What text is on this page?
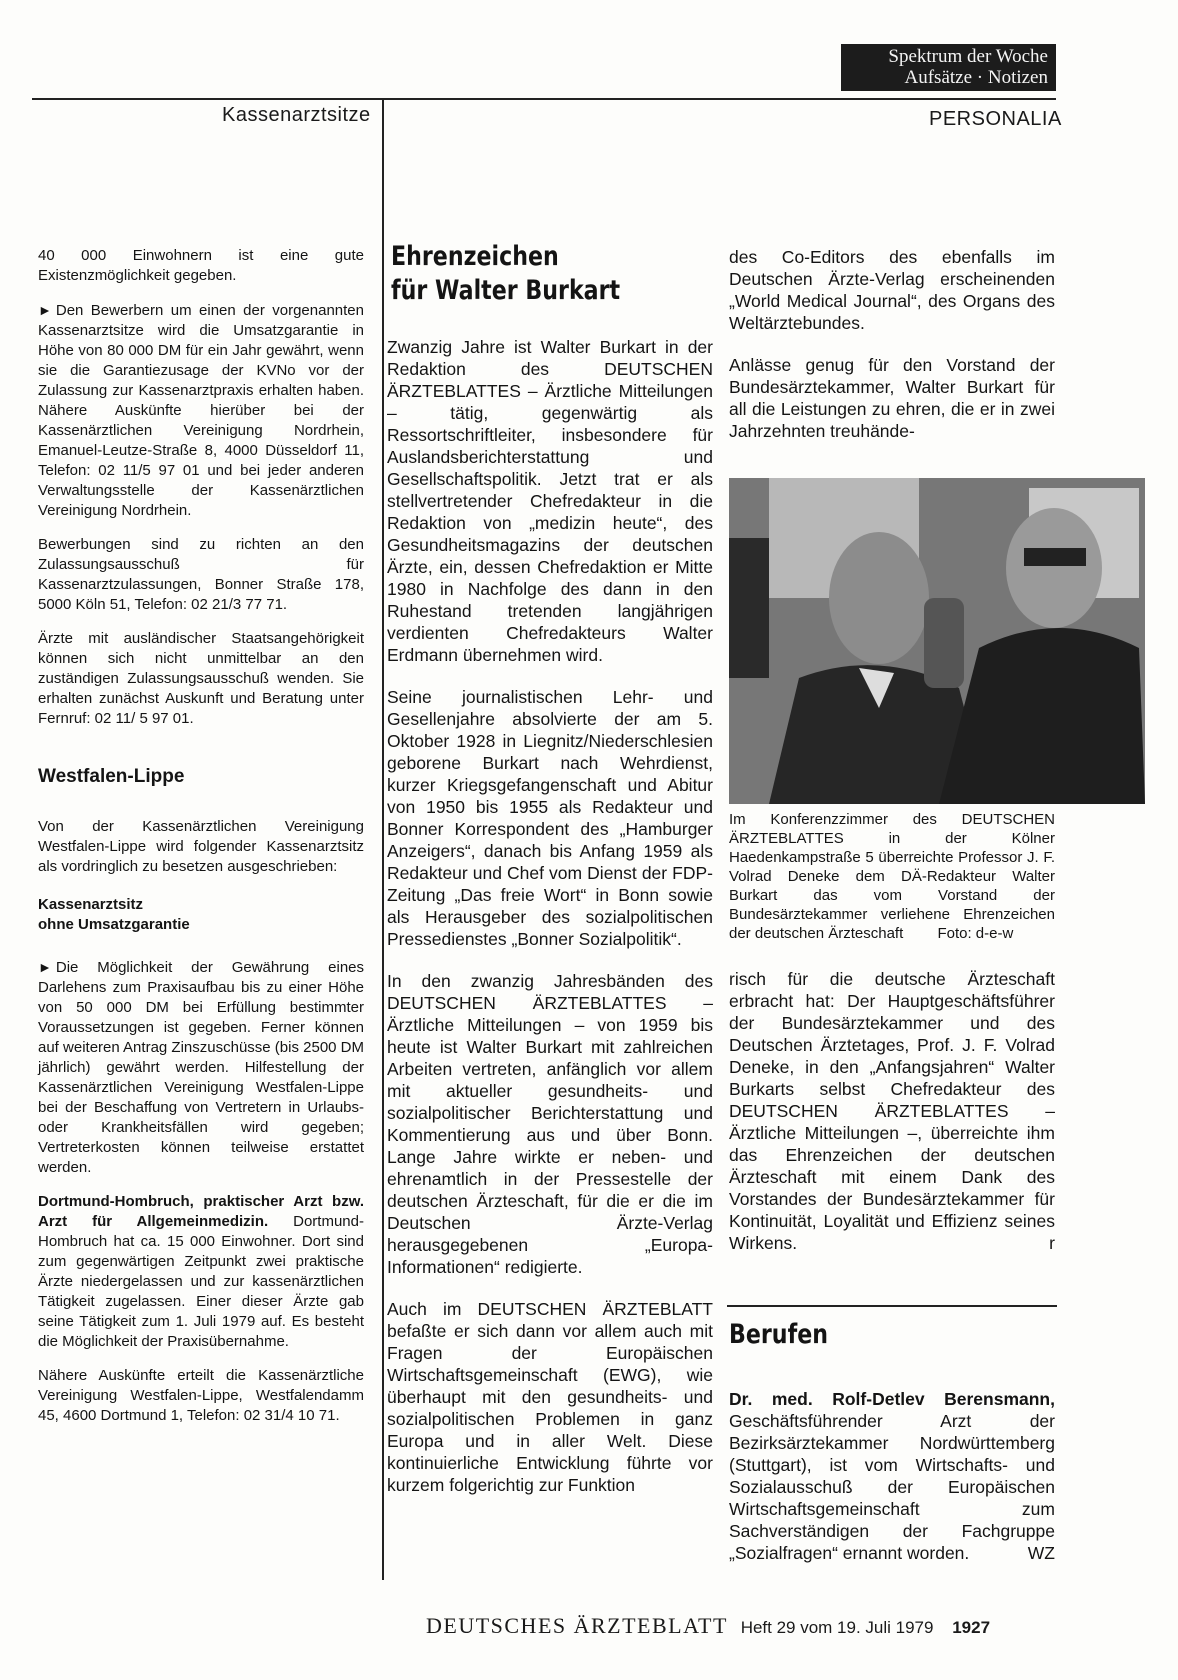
Spektrum der Woche
Aufsätze · Notizen
Kassenarztsitze	PERSONALIA

40 000 Einwohnern ist eine gute Existenzmöglichkeit gegeben.

► Den Bewerbern um einen der vorgenannten Kassenarztsitze wird die Umsatzgarantie in Höhe von 80 000 DM für ein Jahr gewährt, wenn sie die Garantiezusage der KVNo vor der Zulassung zur Kassenarztpraxis erhalten haben. Nähere Auskünfte hierüber bei der Kassenärztlichen Vereinigung Nordrhein, Emanuel-Leutze-Straße 8, 4000 Düsseldorf 11, Telefon: 02 11/5 97 01 und bei jeder anderen Verwaltungsstelle der Kassenärztlichen Vereinigung Nordrhein.

Bewerbungen sind zu richten an den Zulassungsausschuß für Kassenarztzulassungen, Bonner Straße 178, 5000 Köln 51, Telefon: 02 21/3 77 71.

Ärzte mit ausländischer Staatsangehörigkeit können sich nicht unmittelbar an den zuständigen Zulassungsausschuß wenden. Sie erhalten zunächst Auskunft und Beratung unter Fernruf: 02 11/ 5 97 01.

Westfalen-Lippe

Von der Kassenärztlichen Vereinigung Westfalen-Lippe wird folgender Kassenarztsitz als vordringlich zu besetzen ausgeschrieben:

Kassenarztsitz
ohne Umsatzgarantie

► Die Möglichkeit der Gewährung eines Darlehens zum Praxisaufbau bis zu einer Höhe von 50 000 DM bei Erfüllung bestimmter Voraussetzungen ist gegeben. Ferner können auf weiteren Antrag Zinszuschüsse (bis 2500 DM jährlich) gewährt werden. Hilfestellung der Kassenärztlichen Vereinigung Westfalen-Lippe bei der Beschaffung von Vertretern in Urlaubs- oder Krankheitsfällen wird gegeben; Vertreterkosten können teilweise erstattet werden.

Dortmund-Hombruch, praktischer Arzt bzw. Arzt für Allgemeinmedizin. Dortmund-Hombruch hat ca. 15 000 Einwohner. Dort sind zum gegenwärtigen Zeitpunkt zwei praktische Ärzte niedergelassen und zur kassenärztlichen Tätigkeit zugelassen. Einer dieser Ärzte gab seine Tätigkeit zum 1. Juli 1979 auf. Es besteht die Möglichkeit der Praxisübernahme.

Nähere Auskünfte erteilt die Kassenärztliche Vereinigung Westfalen-Lippe, Westfalendamm 45, 4600 Dortmund 1, Telefon: 02 31/4 10 71.

Ehrenzeichen
für Walter Burkart

Zwanzig Jahre ist Walter Burkart in der Redaktion des DEUTSCHEN ÄRZTEBLATTES – Ärztliche Mitteilungen – tätig, gegenwärtig als Ressortschriftleiter, insbesondere für Auslandsberichterstattung und Gesellschaftspolitik. Jetzt trat er als stellvertretender Chefredakteur in die Redaktion von „medizin heute“, des Gesundheitsmagazins der deutschen Ärzte, ein, dessen Chefredaktion er Mitte 1980 in Nachfolge des dann in den Ruhestand tretenden langjährigen verdienten Chefredakteurs Walter Erdmann übernehmen wird.

Seine journalistischen Lehr- und Gesellenjahre absolvierte der am 5. Oktober 1928 in Liegnitz/Niederschlesien geborene Burkart nach Wehrdienst, kurzer Kriegsgefangenschaft und Abitur von 1950 bis 1955 als Redakteur und Bonner Korrespondent des „Hamburger Anzeigers“, danach bis Anfang 1959 als Redakteur und Chef vom Dienst der FDP-Zeitung „Das freie Wort“ in Bonn sowie als Herausgeber des sozialpolitischen Pressedienstes „Bonner Sozialpolitik“.

In den zwanzig Jahresbänden des DEUTSCHEN ÄRZTEBLATTES – Ärztliche Mitteilungen – von 1959 bis heute ist Walter Burkart mit zahlreichen Arbeiten vertreten, anfänglich vor allem mit aktueller gesundheits- und sozialpolitischer Berichterstattung und Kommentierung aus und über Bonn. Lange Jahre wirkte er neben- und ehrenamtlich in der Pressestelle der deutschen Ärzteschaft, für die er die im Deutschen Ärzte-Verlag herausgegebenen „Europa-Informationen“ redigierte.

Auch im DEUTSCHEN ÄRZTEBLATT befaßte er sich dann vor allem auch mit Fragen der Europäischen Wirtschaftsgemeinschaft (EWG), wie überhaupt mit den gesundheits- und sozialpolitischen Problemen in ganz Europa und in aller Welt. Diese kontinuierliche Entwicklung führte vor kurzem folgerichtig zur Funktion

des Co-Editors des ebenfalls im Deutschen Ärzte-Verlag erscheinenden „World Medical Journal“, des Organs des Weltärztebundes.

Anlässe genug für den Vorstand der Bundesärztekammer, Walter Burkart für all die Leistungen zu ehren, die er in zwei Jahrzehnten treuhände-

Im Konferenzzimmer des DEUTSCHEN ÄRZTEBLATTES in der Kölner Haedenkampstraße 5 überreichte Professor J. F. Volrad Deneke dem DÄ-Redakteur Walter Burkart das vom Vorstand der Bundesärztekammer verliehene Ehrenzeichen der deutschen Ärzteschaft Foto: d-e-w

risch für die deutsche Ärzteschaft erbracht hat: Der Hauptgeschäftsführer der Bundesärztekammer und des Deutschen Ärztetages, Prof. J. F. Volrad Deneke, in den „Anfangsjahren“ Walter Burkarts selbst Chefredakteur des DEUTSCHEN ÄRZTEBLATTES – Ärztliche Mitteilungen –, überreichte ihm das Ehrenzeichen der deutschen Ärzteschaft mit einem Dank des Vorstandes der Bundesärztekammer für Kontinuität, Loyalität und Effizienz seines Wirkens.	r

Berufen

Dr. med. Rolf-Detlev Berensmann, Geschäftsführender Arzt der Bezirksärztekammer Nordwürttemberg (Stuttgart), ist vom Wirtschafts- und Sozialausschuß der Europäischen Wirtschaftsgemeinschaft zum Sachverständigen der Fachgruppe „Sozialfragen“ ernannt worden.	WZ

DEUTSCHES ÄRZTEBLATT Heft 29 vom 19. Juli 1979 1927
